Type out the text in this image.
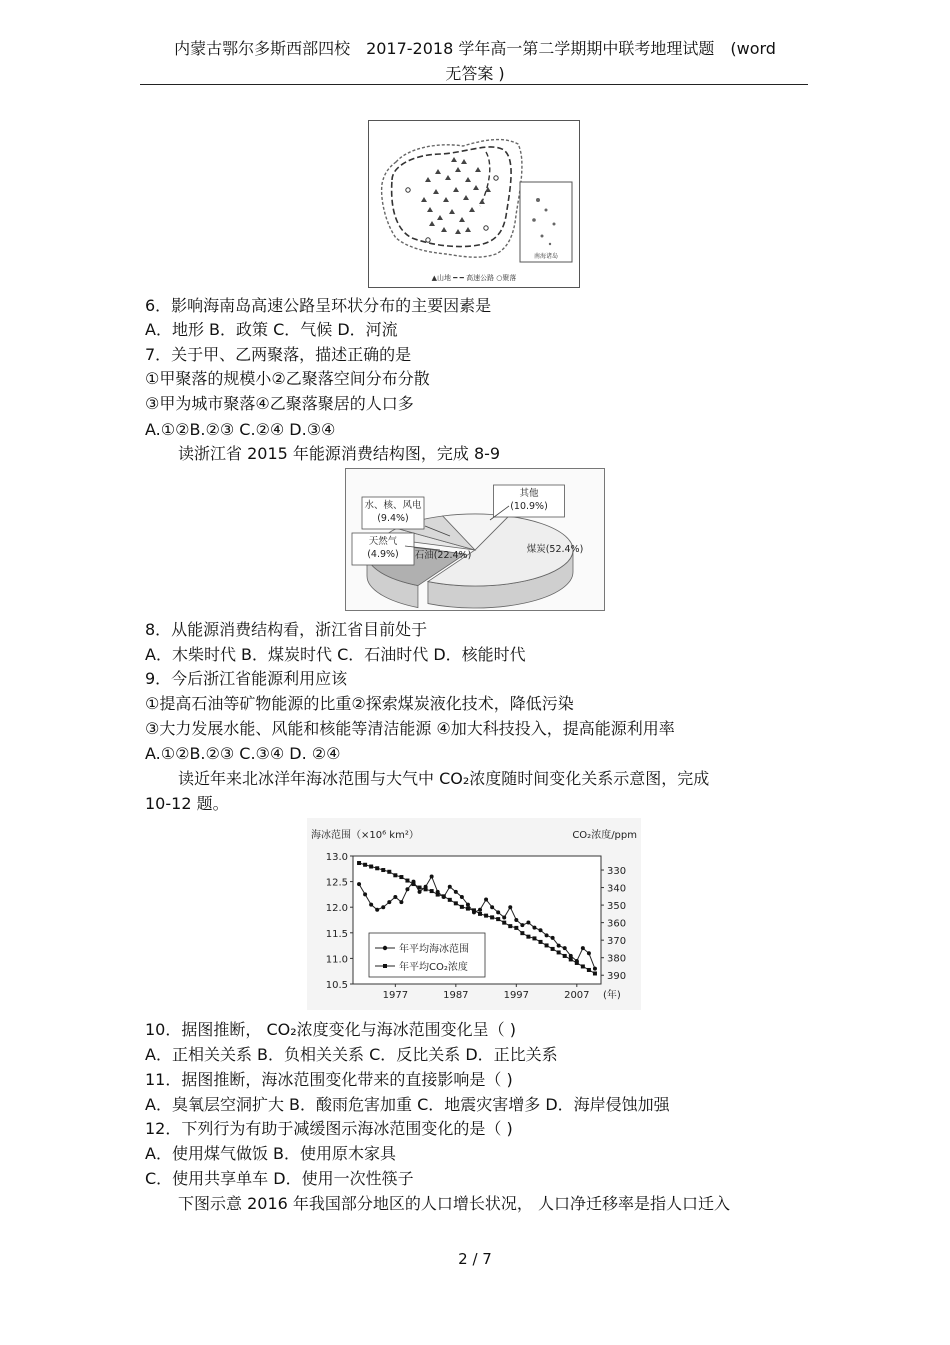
内蒙古鄂尔多斯西部四校　2017-2018 学年高一第二学期期中联考地理试题　(word
无答案 )
南海诸岛
▲山地 ━ ━ 高速公路 ○聚落
6．影响海南岛高速公路呈环状分布的主要因素是
A．地形 B．政策 C．气候 D．河流
7．关于甲、乙两聚落，描述正确的是
①甲聚落的规模小②乙聚落空间分布分散
③甲为城市聚落④乙聚落聚居的人口多
A.①②B.②③ C.②④ D.③④
读浙江省 2015 年能源消费结构图，完成 8-9
煤炭(52.4%)
石油(22.4%)
天然气
(4.9%)
水、核、风电
(9.4%)
其他
(10.9%)
8．从能源消费结构看，浙江省目前处于
A．木柴时代 B．煤炭时代 C．石油时代 D．核能时代
9．今后浙江省能源利用应该
①提高石油等矿物能源的比重②探索煤炭液化技术，降低污染
③大力发展水能、风能和核能等清洁能源 ④加大科技投入，提高能源利用率
A.①②B.②③ C.③④ D. ②④
读近年来北冰洋年海冰范围与大气中 CO₂浓度随时间变化关系示意图，完成
10-12 题。
海冰范围（×10⁶ km²）	CO₂浓度/ppm
13.0
12.5
12.0
11.5
11.0
10.5
330
340
350
360
370
380
390
1977	1987	1997	2007 (年)
年平均海冰范围
年平均CO₂浓度
10．据图推断， CO₂浓度变化与海冰范围变化呈（ )
A．正相关关系 B．负相关关系 C．反比关系 D．正比关系
11．据图推断，海冰范围变化带来的直接影响是（ )
A．臭氧层空洞扩大 B．酸雨危害加重 C．地震灾害增多 D．海岸侵蚀加强
12．下列行为有助于减缓图示海冰范围变化的是（ )
A．使用煤气做饭 B．使用原木家具
C．使用共享单车 D．使用一次性筷子
下图示意 2016 年我国部分地区的人口增长状况， 人口净迁移率是指人口迁入
2 / 7
